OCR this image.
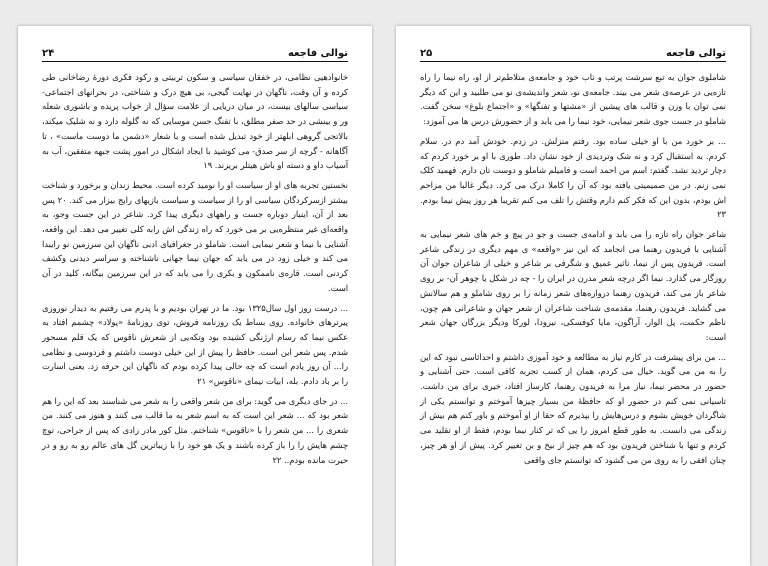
۲۴	توالی فاجعه

خانوادهیی نظامی، در خفقان سیاسی و سکون تربیتی و رکود فکری دورهٔ رضاخانی طی کرده و آن وقت، ناگهان در نهایت گیجی، بی هیچ درک و شناختی، در بحرانهای اجتماعی- سیاسی سالهای بیست، در میان دریایی از علامت سؤال از خواب پریده و باشوری شعله ور و بینشی در حد صفر مطلق، با تفنگ حسن موسایی که نه گلوله دارد و نه شلیک میکند، بالاتجی گروهی ابلهتر از خود تبدیل شده است و با شعار «دشمن ما دوست ماست» ، تا آگاهانه - گرچه از سر صدق- می کوشید با ایجاد اشکال در امور پشت جبهه متفقین، آب به آسیاب داو و دسته او باش هیتلر بریزند. ۱۹

نخستین تجربه های او از سیاست او را نومید کرده است. محیط زندان و برخورد و شناخت بیشتر ازسرکردگان سیاسی او را از سیاست و سیاست بازیهای رایج بیزار می کند. ۲۰ پس بعد از آن، اینبار دوباره جست و راههای دیگری پیدا کرد. شاعر در این جست وجو، به واقعه‌ای غیر منتظره‌یی بر می خورد که راه زندگی اش رابه کلی تغییر می دهد. این واقعه، آشنایی با نیما و شعر نیمایی است. شاملو در جغرافیای ادبی ناگهان این سرزمین نو رایبدا می کند و خیلی زود در می یابد که جهان نیما جهانی ناشناخته و سراسر دیدنی وکشف کردنی است. قاره‌ی ناممکون و بکری را می یابد که در این سرزمین بیگانه، کلید در آن است.

... درست روز اول سال۱۳۲۵ بود. ما در تهران بودیم و با پدرم می رفتیم به دیدار نوروزی پیرترهای خانواده. روی بساط یک روزنامه فروش، توی روزنامهٔ «پولاد» چشمم افتاد به عکس نیما که رسام ارژنگی کشیده بود وتکه‌یی از شعرش ناقوس که یک قلم مسحور شدم. پس شعر این است. حافظ را پیش از این خیلی دوست داشتم و فردوسی و نظامی را... آن روز یادم است که چه حالی پیدا کرده بودم که ناگهان این حرفه زد. یعنی اسارت را بر باد دادم. بله، ابیات نیمای «ناقوس» ۲۱

... در جای دیگری می گوید: برای من شعر واقعی را به شعر می شناسند بعد که این را هم شعر بود که ... شعر این است که به اسم شعر به ما قالب می کنند و هنوز می کنند. من شعری را ... من شعر را با «ناقوس» شناختم. مثل کور مادر زادی که پس از جراحی، توچ چشم هایش را را باز کرده باشند و یک هو خود را با زیباترین گل های عالم رو به رو و در حیرت مانده بودم.. ۲۲

۲۵	توالی فاجعه

شاملوی جوان به تبع سرشت پرتب و تاب خود و جامعه‌ی متلاطم‌تر از او، راه نیما را راه تازه‌یی در عرصه‌ی شعر می بیند. جامعه‌ی نو، شعر واندیشه‌ی نو می طلبید و این که دیگر نمی توان با وزن و قالب های پیشین از «مشتها و تفنگها» و «اجتماع بلوغ» سخن گفت. شاملو در جست جوی شعر نیمایی، خود نیما را می یابد و از حضورش درس ها می آموزد:

... بر خورد من با او خیلی ساده بود. رفتم منزلش. در زدم. خودش آمد دم در. سلام کردم. به استقبال کرد و نه شک وتردیدی از خود نشان داد. طوری با او بر خورد کردم که دچار تردید نشد. گفتم: اسم من احمد است و فامیلم شاملو و دوست تان دارم. فهمید کلک نمی زنم. در من صمیمیتی یافته بود که آن را کاملا درک می کرد. دیگر غالبا من مزاحم اش بودم، بدون این که فکر کنم دارم وقتش را تلف می کنم تقریبا هر روز پیش نیما بودم. ۲۳

شاعر جوان راه تازه را می یابد و ادامه‌ی جست و جو در پیچ و خم های شعر نیمایی به آشنایی با فریدون رهنما می انجامد که این نیز «واقعه» ی مهم دیگری در زندگی شاعر است. فریدون پس از نیما، تاثیر عمیق و شگرفی بر شاعر و خیلی از شاعران جوان آن روزگار می گذارد. نیما اگر درچه شعر مدرن در ایران را - چه در شکل یا چوهر آن- بر روی شاعر باز می کند، فریدون رهنما دروازه‌های شعر زمانه را بر روی شاملو و هم سالانش می گشاید. فریدون رهنما، مقدمه‌ی شناخت شاعران از شعر جهان و شاعرانی هم چون، ناظم حکمت، پل الوار، آراگون، مایا کوفسکی، نیرودا، لورکا ودیگر بزرگان جهان شعر است:

... من برای پیشرفت در کارم نیاز به مطالعه و خود آموزی داشتم و احداثاسی نبود که این را به من می گوید. خیال می کردم، همان از کسب تجربه کافی است. حتی آشنایی و حضور در محضر نیما، نیاز مرا به فریدون رهنما، کارساز افتاد، خیری برای من داشت. تاسیانی نمی کنم در حضور او که حافظهٔ من بسیار چیزها آموختم و توانستم یکی از شاگردان خویش بشوم و درس‌هایش را بپذیرم که حقا از او آموختم و باور کنم هم بیش از زندگی می دانست. به طور قطع امروز را یی که تر کنار نیما بودم، فقط از او تقلید می کردم و تنها با شناختن فریدون بود که هم چیز از بیخ و بن تغییر کرد. پیش از او هر چیز، چنان افقی را به روی من می گشود که توانستم جای واقعی
